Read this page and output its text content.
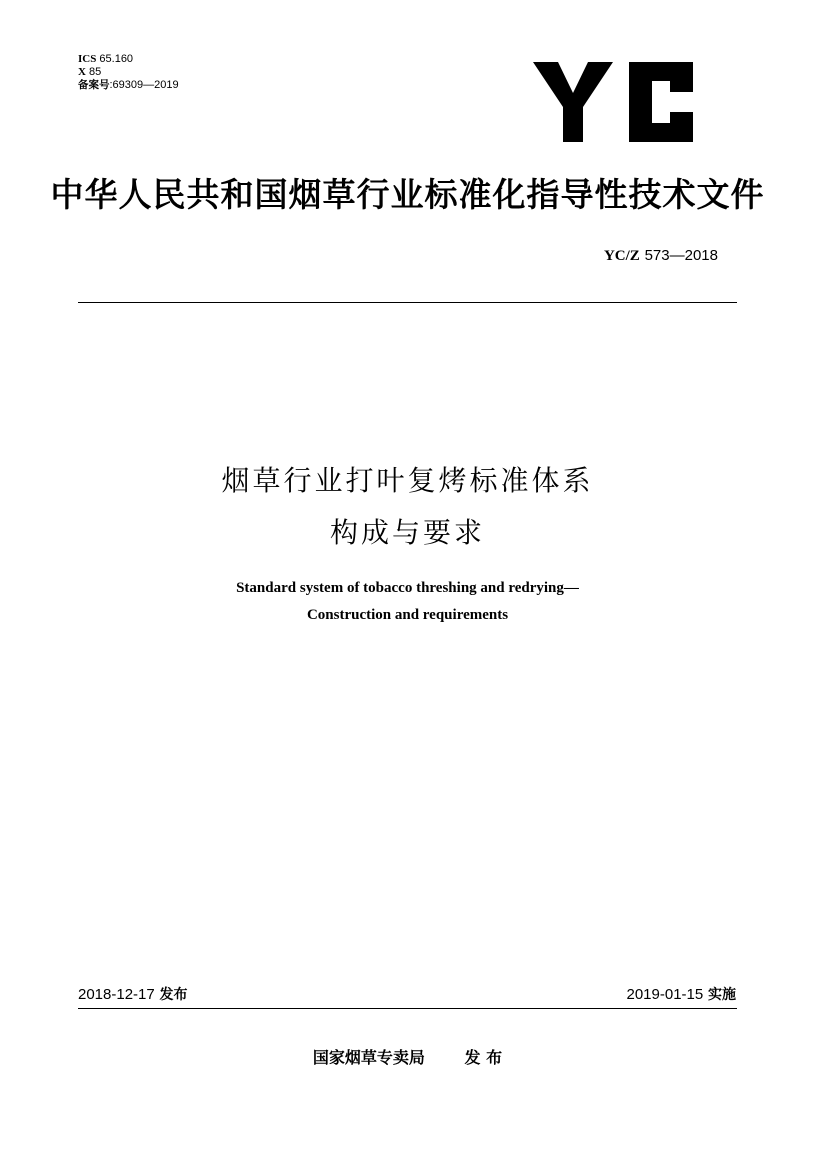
ICS 65.160
X 85
备案号:69309—2019
中华人民共和国烟草行业标准化指导性技术文件
YC/Z 573—2018
烟草行业打叶复烤标准体系
构成与要求
Standard system of tobacco threshing and redrying—
Construction and requirements
2018-12-17 发布	2019-01-15 实施
国家烟草专卖局 发 布
